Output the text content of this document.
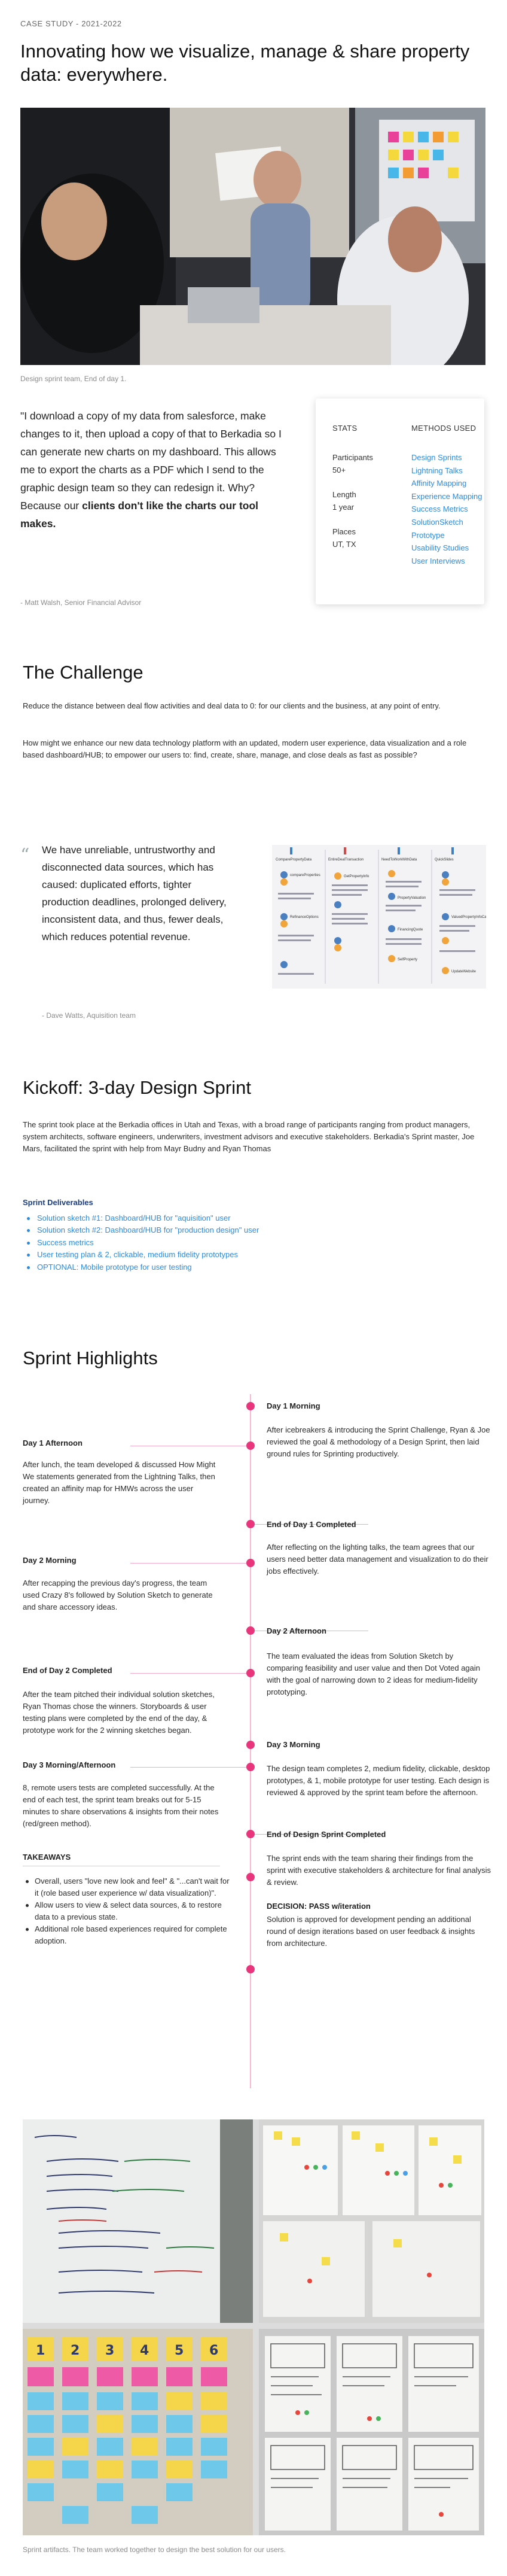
CASE STUDY - 2021-2022
Innovating how we visualize, manage & share property data: everywhere.
Design sprint team, End of day 1.

"I download a copy of my data from salesforce, make changes to it, then upload a copy of that to Berkadia so I can generate new charts on my dashboard. This allows me to export the charts as a PDF which I send to the graphic design team so they can redesign it. Why? Because our clients don't like the charts our tool makes.

- Matt Walsh, Senior Financial Advisor
STATS	METHODS USED
Participants
50+
Length
1 year
Places
UT, TX
Design Sprints
Lightning Talks
Affinity Mapping
Experience Mapping
Success Metrics
SolutionSketch
Prototype
Usability Studies
User Interviews
The Challenge

Reduce the distance between deal flow activities and deal data to 0: for our clients and the business, at any point of entry.

How might we enhance our new data technology platform with an updated, modern user experience, data visualization and a role based dashboard/HUB; to empower our users to: find, create, share, manage, and close deals as fast as possible?

“ We have unreliable, untrustworthy and disconnected data sources, which has caused: duplicated efforts, tighter production deadlines, prolonged delivery, inconsistent data, and thus, fewer deals, which reduces potential revenue.

- Dave Watts, Aquisition team
ComparePropertyData	EntireDealTransaction	NeedToWorkWithData	QuickSlides
compareProperties	GetPropertyInfo
PropertyValuation
FinancingQuote
SelfProperty
UpdateWebsite
RefinanceOptions	ValuedPropertyInfoCard
Kickoff: 3-day Design Sprint

The sprint took place at the Berkadia offices in Utah and Texas, with a broad range of participants ranging from product managers, system architects, software engineers, underwriters, investment advisors and executive stakeholders. Berkadia's Sprint master, Joe Mars, facilitated the sprint with help from Mayr Budny and Ryan Thomas

Sprint Deliverables
Solution sketch #1: Dashboard/HUB for "aquisition" user
Solution sketch #2: Dashboard/HUB for "production design" user
Success metrics
User testing plan & 2, clickable, medium fidelity prototypes
OPTIONAL: Mobile prototype for user testing
Sprint Highlights
Day 1 Morning

After icebreakers & introducing the Sprint Challenge, Ryan & Joe reviewed the goal & methodology of a Design Sprint, then laid ground rules for Sprinting productively.

End of Day 1 Completed

After reflecting on the lighting talks, the team agrees that our users need better data management and visualization to do their jobs effectively.

Day 2 Afternoon

The team evaluated the ideas from Solution Sketch by comparing feasibility and user value and then Dot Voted again with the goal of narrowing down to 2 ideas for medium-fidelity prototyping.

Day 3 Morning

The design team completes 2, medium fidelity, clickable, desktop prototypes, & 1, mobile prototype for user testing. Each design is reviewed & approved by the sprint team before the afternoon.

End of Design Sprint Completed

The sprint ends with the team sharing their findings from the sprint with executive stakeholders & architecture for final analysis & review.

DECISION: PASS w/iteration

Solution is approved for development pending an additional round of design iterations based on user feedback & insights from architecture.

Day 1 Afternoon

After lunch, the team developed & discussed How Might We statements generated from the Lightning Talks, then created an affinity map for HMWs across the user journey.

Day 2 Morning

After recapping the previous day's progress, the team used Crazy 8's followed by Solution Sketch to generate and share accessory ideas.

End of Day 2 Completed

After the team pitched their individual solution sketches, Ryan Thomas chose the winners. Storyboards & user testing plans were completed by the end of the day, & prototype work for the 2 winning sketches began.

Day 3 Morning/Afternoon

8, remote users tests are completed successfully. At the end of each test, the sprint team breaks out for 5-15 minutes to share observations & insights from their notes (red/green method).

TAKEAWAYS
Overall, users "love new look and feel" & "...can't wait for it (role based user experience w/ data visualization)".
Allow users to view & select data sources, & to restore data to a previous state.
Additional role based experiences required for complete adoption.
1 2 3 4 5 6
Sprint artifacts. The team worked together to design the best solution for our users.
